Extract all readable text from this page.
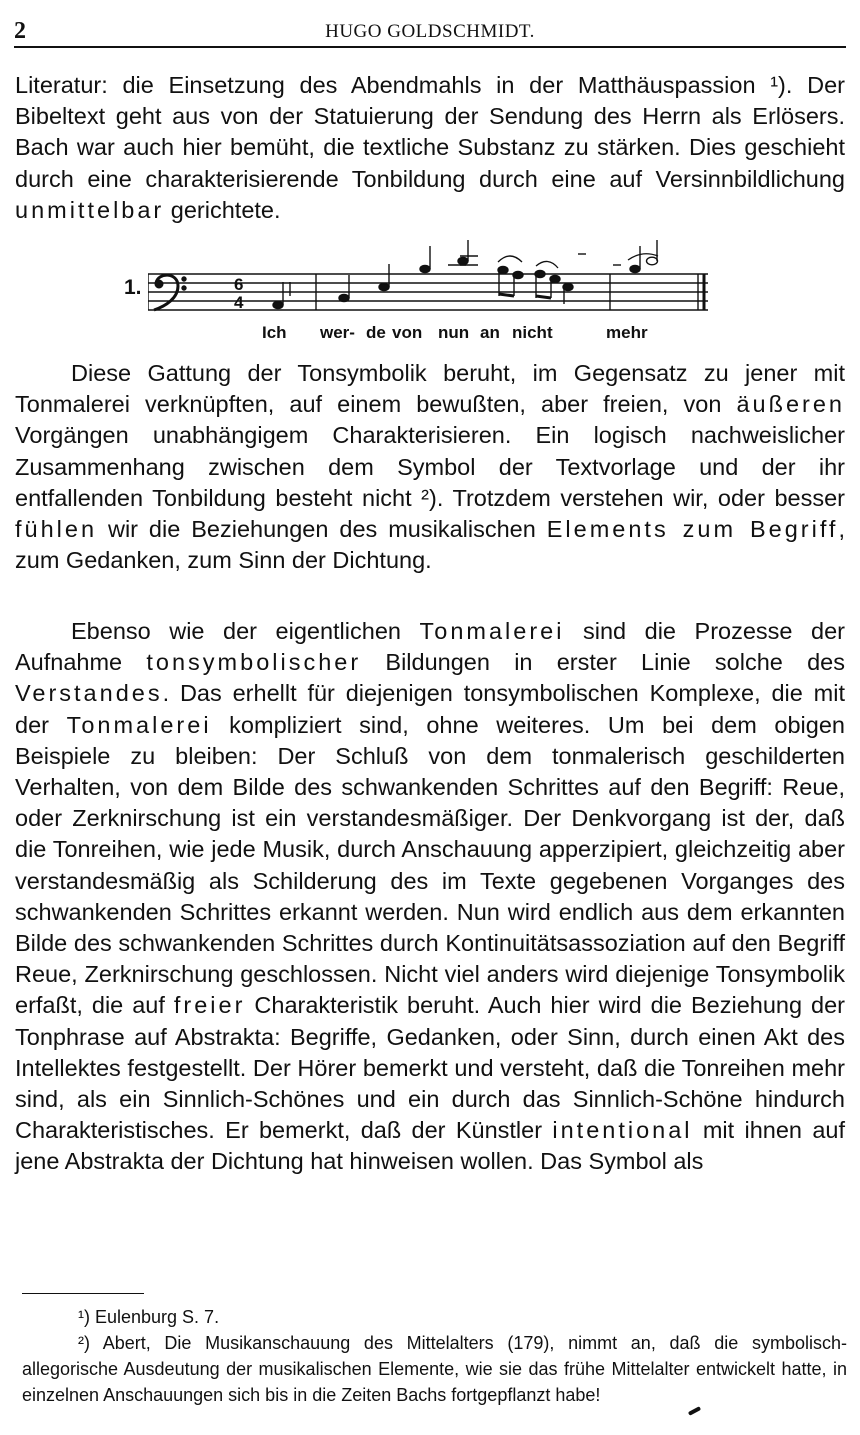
2	HUGO GOLDSCHMIDT.

Literatur: die Einsetzung des Abendmahls in der Matthäuspassion ¹). Der Bibeltext geht aus von der Statuierung der Sendung des Herrn als Erlösers. Bach war auch hier bemüht, die textliche Substanz zu stärken. Dies geschieht durch eine charakterisierende Tonbildung durch eine auf Versinnbildlichung unmittelbar gerichtete.

1.	6
4
Ich wer- de von nun an nicht	mehr

Diese Gattung der Tonsymbolik beruht, im Gegensatz zu jener mit Tonmalerei verknüpften, auf einem bewußten, aber freien, von äußeren Vorgängen unabhängigem Charakterisieren. Ein logisch nachweislicher Zusammenhang zwischen dem Symbol der Textvorlage und der ihr entfallenden Tonbildung besteht nicht ²). Trotzdem verstehen wir, oder besser fühlen wir die Beziehungen des musikalischen Elements zum Begriff, zum Gedanken, zum Sinn der Dichtung.

Ebenso wie der eigentlichen Tonmalerei sind die Prozesse der Aufnahme tonsymbolischer Bildungen in erster Linie solche des Verstandes. Das erhellt für diejenigen tonsymbolischen Komplexe, die mit der Tonmalerei kompliziert sind, ohne weiteres. Um bei dem obigen Beispiele zu bleiben: Der Schluß von dem tonmalerisch geschilderten Verhalten, von dem Bilde des schwankenden Schrittes auf den Begriff: Reue, oder Zerknirschung ist ein verstandesmäßiger. Der Denkvorgang ist der, daß die Tonreihen, wie jede Musik, durch Anschauung apperzipiert, gleichzeitig aber verstandesmäßig als Schilderung des im Texte gegebenen Vorganges des schwankenden Schrittes erkannt werden. Nun wird endlich aus dem erkannten Bilde des schwankenden Schrittes durch Kontinuitätsassoziation auf den Begriff Reue, Zerknirschung geschlossen. Nicht viel anders wird diejenige Tonsymbolik erfaßt, die auf freier Charakteristik beruht. Auch hier wird die Beziehung der Tonphrase auf Abstrakta: Begriffe, Gedanken, oder Sinn, durch einen Akt des Intellektes festgestellt. Der Hörer bemerkt und versteht, daß die Tonreihen mehr sind, als ein Sinnlich-Schönes und ein durch das Sinnlich-Schöne hindurch Charakteristisches. Er bemerkt, daß der Künstler intentional mit ihnen auf jene Abstrakta der Dichtung hat hinweisen wollen. Das Symbol als

¹) Eulenburg S. 7.

²) Abert, Die Musikanschauung des Mittelalters (179), nimmt an, daß die symbolisch-allegorische Ausdeutung der musikalischen Elemente, wie sie das frühe Mittelalter entwickelt hatte, in einzelnen Anschauungen sich bis in die Zeiten Bachs fortgepflanzt habe!
